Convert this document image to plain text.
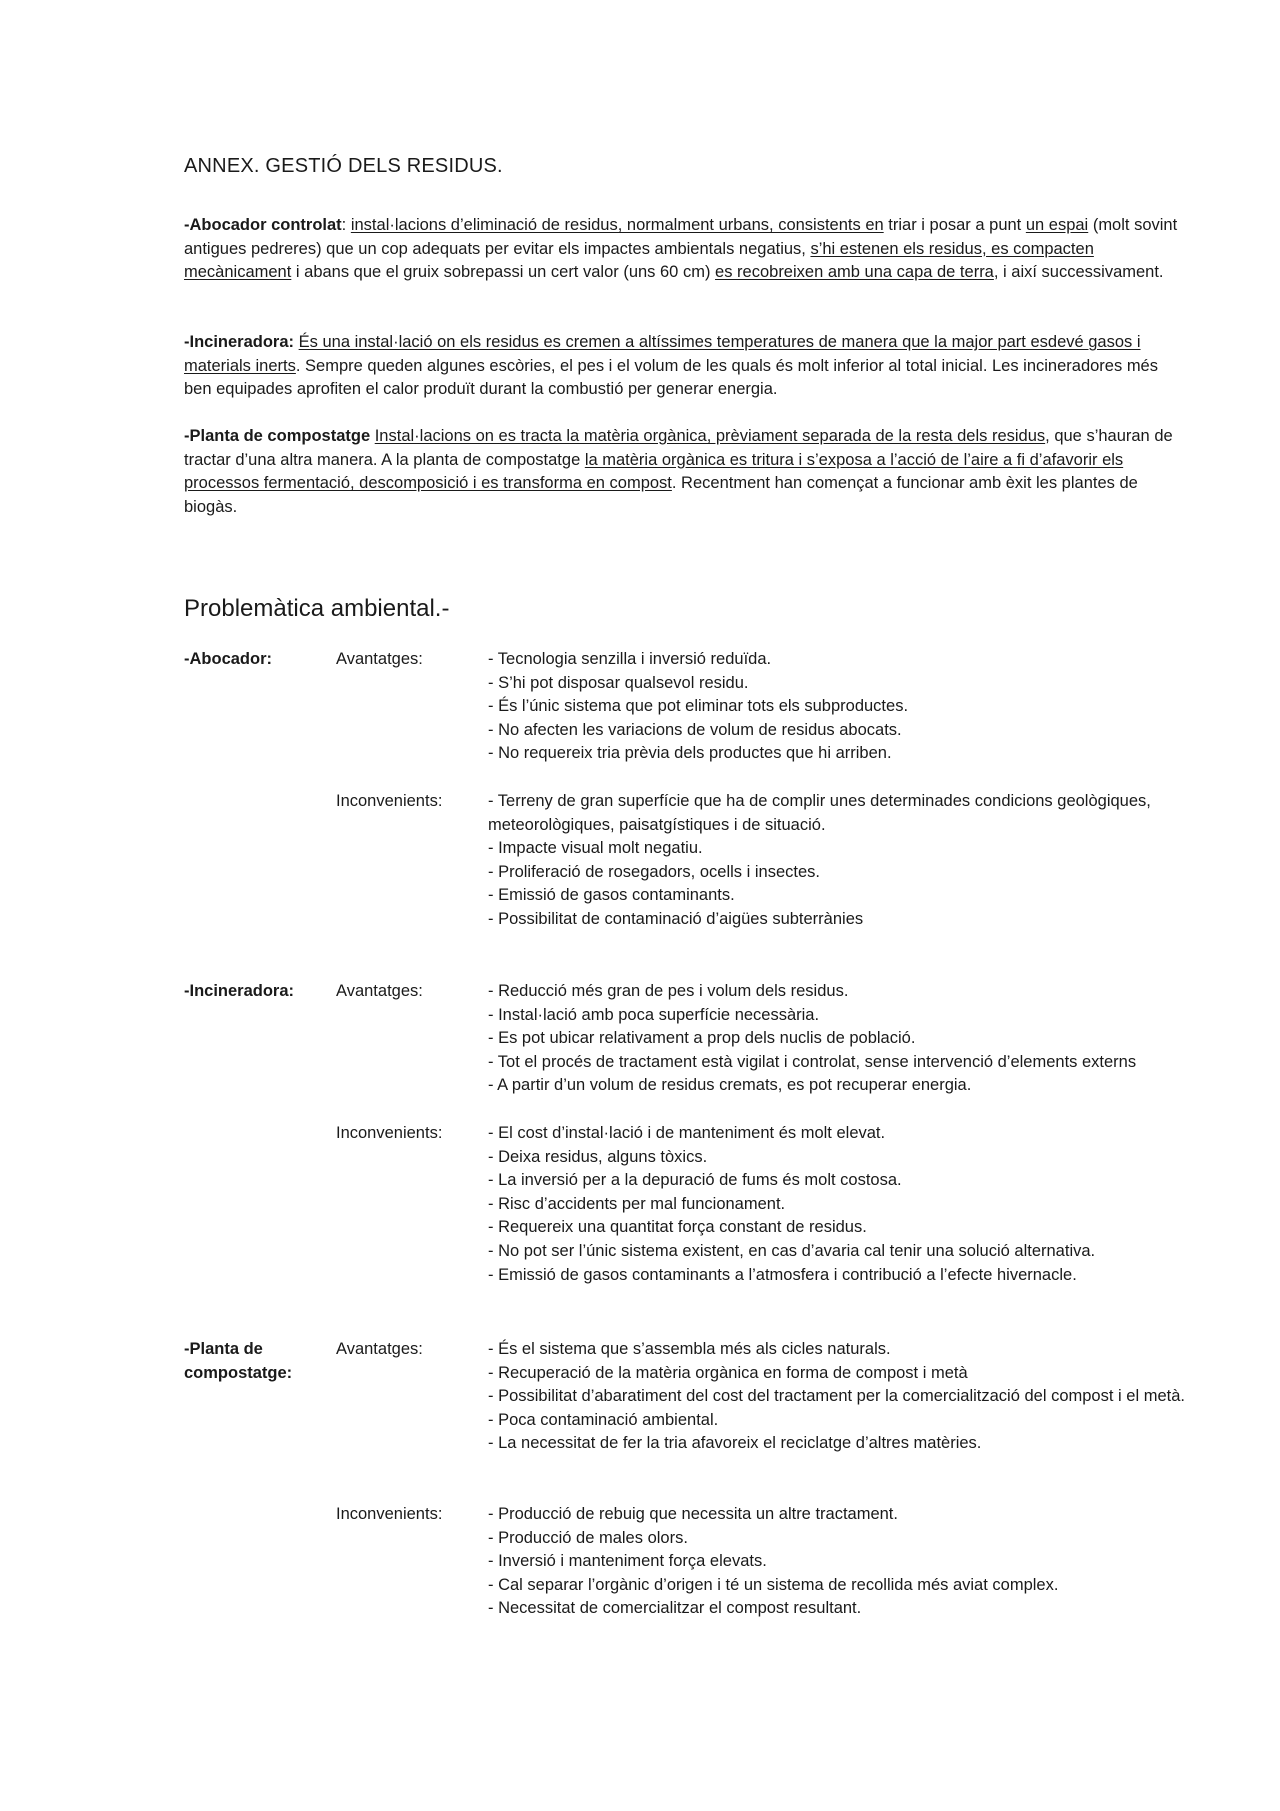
ANNEX. GESTIÓ DELS RESIDUS.
-Abocador controlat: instal·lacions d’eliminació de residus, normalment urbans, consistents en triar i posar a punt un espai (molt sovint antigues pedreres) que un cop adequats per evitar els impactes ambientals negatius, s’hi estenen els residus, es compacten mecànicament i abans que el gruix sobrepassi un cert valor (uns 60 cm) es recobreixen amb una capa de terra, i així successivament.
-Incineradora: És una instal·lació on els residus es cremen a altíssimes temperatures de manera que la major part esdevé gasos i materials inerts. Sempre queden algunes escòries, el pes i el volum de les quals és molt inferior al total inicial. Les incineradores més ben equipades aprofiten el calor produït durant la combustió per generar energia.
-Planta de compostatge Instal·lacions on es tracta la matèria orgànica, prèviament separada de la resta dels residus, que s’hauran de tractar d’una altra manera. A la planta de compostatge la matèria orgànica es tritura i s’exposa a l’acció de l’aire a fi d’afavorir els processos fermentació, descomposició i es transforma en compost. Recentment han començat a funcionar amb èxit les plantes de biogàs.
Problemàtica ambiental.-
-Abocador:	Avantatges:	- Tecnologia senzilla i inversió reduïda.
- S’hi pot disposar qualsevol residu.
- És l’únic sistema que pot eliminar tots els subproductes.
- No afecten les variacions de volum de residus abocats.
- No requereix tria prèvia dels productes que hi arriben.
Inconvenients:	- Terreny de gran superfície que ha de complir unes determinades condicions geològiques, meteorològiques, paisatgístiques i de situació.
- Impacte visual molt negatiu.
- Proliferació de rosegadors, ocells i insectes.
- Emissió de gasos contaminants.
- Possibilitat de contaminació d’aigües subterrànies
-Incineradora:	Avantatges:	- Reducció més gran de pes i volum dels residus.
- Instal·lació amb poca superfície necessària.
- Es pot ubicar relativament a prop dels nuclis de població.
- Tot el procés de tractament està vigilat i controlat, sense intervenció d’elements externs
- A partir d’un volum de residus cremats, es pot recuperar energia.
Inconvenients:	- El cost d’instal·lació i de manteniment és molt elevat.
- Deixa residus, alguns tòxics.
- La inversió per a la depuració de fums és molt costosa.
- Risc d’accidents per mal funcionament.
- Requereix una quantitat força constant de residus.
- No pot ser l’únic sistema existent, en cas d’avaria cal tenir una solució alternativa.
- Emissió de gasos contaminants a l’atmosfera i contribució a l’efecte hivernacle.
-Planta de compostatge:
Avantatges:	- És el sistema que s’assembla més als cicles naturals.
- Recuperació de la matèria orgànica en forma de compost i metà
- Possibilitat d’abaratiment del cost del tractament per la comercialització del compost i el metà.
- Poca contaminació ambiental.
- La necessitat de fer la tria afavoreix el reciclatge d’altres matèries.
Inconvenients:	- Producció de rebuig que necessita un altre tractament.
- Producció de males olors.
- Inversió i manteniment força elevats.
- Cal separar l’orgànic d’origen i té un sistema de recollida més aviat complex.
- Necessitat de comercialitzar el compost resultant.
